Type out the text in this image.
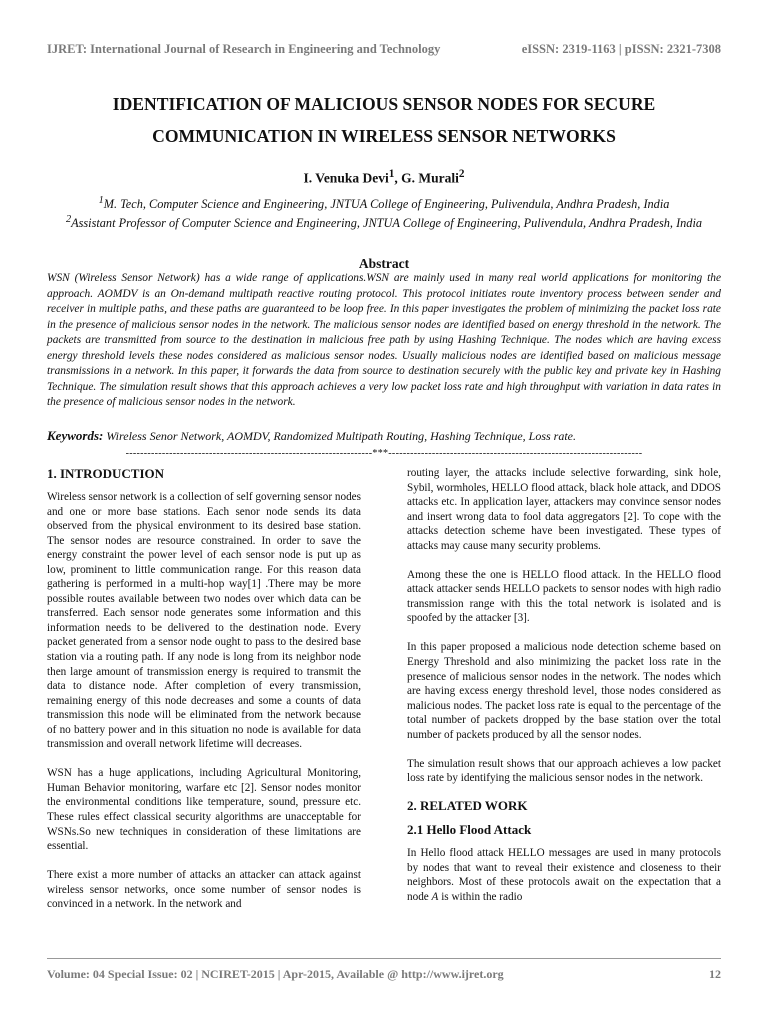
IJRET: International Journal of Research in Engineering and Technology	eISSN: 2319-1163 | pISSN: 2321-7308
IDENTIFICATION OF MALICIOUS SENSOR NODES FOR SECURE
COMMUNICATION IN WIRELESS SENSOR NETWORKS
I. Venuka Devi$^1$, G. Murali$^2$
$^1$M. Tech, Computer Science and Engineering, JNTUA College of Engineering, Pulivendula, Andhra Pradesh, India
$^2$Assistant Professor of Computer Science and Engineering, JNTUA College of Engineering, Pulivendula, Andhra Pradesh, India
Abstract
WSN (Wireless Sensor Network) has a wide range of applications.WSN are mainly used in many real world applications for monitoring the approach. AOMDV is an On-demand multipath reactive routing protocol. This protocol initiates route inventory process between sender and receiver in multiple paths, and these paths are guaranteed to be loop free. In this paper investigates the problem of minimizing the packet loss rate in the presence of malicious sensor nodes in the network. The malicious sensor nodes are identified based on energy threshold in the network. The packets are transmitted from source to the destination in malicious free path by using Hashing Technique. The nodes which are having excess energy threshold levels these nodes considered as malicious sensor nodes. Usually malicious nodes are identified based on malicious message transmissions in a network. In this paper, it forwards the data from source to destination securely with the public key and private key in Hashing Technique. The simulation result shows that this approach achieves a very low packet loss rate and high throughput with variation in data rates in the presence of malicious sensor nodes in the network.
Keywords: Wireless Senor Network, AOMDV, Randomized Multipath Routing, Hashing Technique, Loss rate.
--------------------------------------------------------------------***----------------------------------------------------------------------
1. INTRODUCTION

Wireless sensor network is a collection of self governing sensor nodes and one or more base stations. Each senor node sends its data observed from the physical environment to its desired base station. The sensor nodes are resource constrained. In order to save the energy constraint the power level of each sensor node is put up as low, prominent to little communication range. For this reason data gathering is performed in a multi-hop way[1] .There may be more possible routes available between two nodes over which data can be transferred. Each sensor node generates some information and this information needs to be delivered to the destination node. Every packet generated from a sensor node ought to pass to the desired base station via a routing path. If any node is long from its neighbor node then large amount of transmission energy is required to transmit the data to distance node. After completion of every transmission, remaining energy of this node decreases and some a counts of data transmission this node will be eliminated from the network because of no battery power and in this situation no node is available for data transmission and overall network lifetime will decreases.

WSN has a huge applications, including Agricultural Monitoring, Human Behavior monitoring, warfare etc [2]. Sensor nodes monitor the environmental conditions like temperature, sound, pressure etc. These rules effect classical security algorithms are unacceptable for WSNs.So new techniques in consideration of these limitations are essential.

There exist a more number of attacks an attacker can attack against wireless sensor networks, once some number of sensor nodes is convinced in a network. In the network and

routing layer, the attacks include selective forwarding, sink hole, Sybil, wormholes, HELLO flood attack, black hole attack, and DDOS attacks etc. In application layer, attackers may convince sensor nodes and insert wrong data to fool data aggregators [2]. To cope with the attacks detection scheme have been investigated. These types of attacks may cause many security problems.

Among these the one is HELLO flood attack. In the HELLO flood attack attacker sends HELLO packets to sensor nodes with high radio transmission range with this the total network is isolated and is spoofed by the attacker [3].

In this paper proposed a malicious node detection scheme based on Energy Threshold and also minimizing the packet loss rate in the presence of malicious sensor nodes in the network. The nodes which are having excess energy threshold level, those nodes considered as malicious nodes. The packet loss rate is equal to the percentage of the total number of packets dropped by the base station over the total number of packets produced by all the sensor nodes.

The simulation result shows that our approach achieves a low packet loss rate by identifying the malicious sensor nodes in the network.

2. RELATED WORK
2.1 Hello Flood Attack

In Hello flood attack HELLO messages are used in many protocols by nodes that want to reveal their existence and closeness to their neighbors. Most of these protocols await on the expectation that a node A is within the radio

Volume: 04 Special Issue: 02 | NCIRET-2015 | Apr-2015, Available @ http://www.ijret.org	12
